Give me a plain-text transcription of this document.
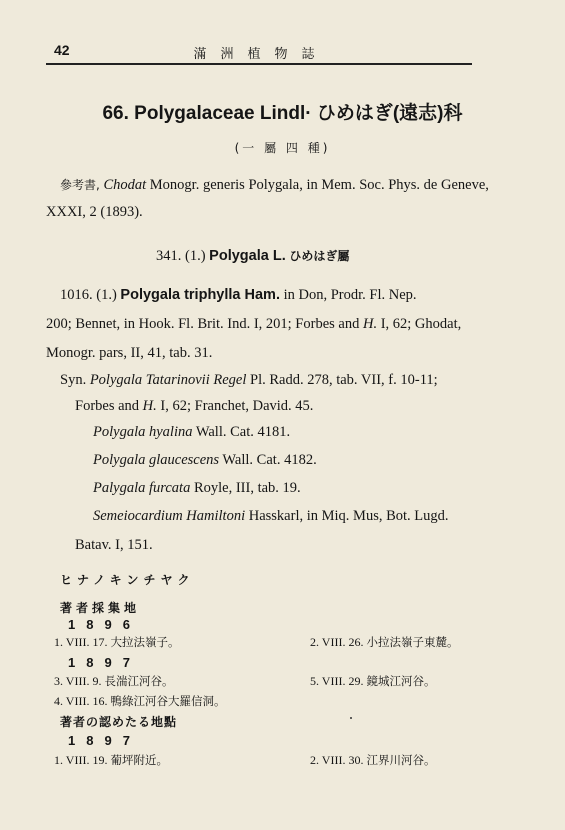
42	滿洲植物誌
66. Polygalaceae Lindl· ひめはぎ(遠志)科
(一 屬 四 種)
參考書, Chodat Monogr. generis Polygala, in Mem. Soc. Phys. de Geneve,
XXXI, 2 (1893).
341. (1.) Polygala L. ひめはぎ屬
1016. (1.) Polygala triphylla Ham. in Don, Prodr. Fl. Nep.
200; Bennet, in Hook. Fl. Brit. Ind. I, 201; Forbes and H. I, 62; Ghodat,
Monogr. pars, II, 41, tab. 31.
Syn. Polygala Tatarinovii Regel Pl. Radd. 278, tab. VII, f. 10-11;
Forbes and H. I, 62; Franchet, David. 45.
Polygala hyalina Wall. Cat. 4181.
Polygala glaucescens Wall. Cat. 4182.
Palygala furcata Royle, III, tab. 19.
Semeiocardium Hamiltoni Hasskarl, in Miq. Mus, Bot. Lugd.
Batav. I, 151.
ヒナノキンチヤク
著者採集地
1896
1. VIII. 17. 大拉法嶺子。	2. VIII. 26. 小拉法嶺子東麓。
1897
3. VIII. 9. 長湍江河谷。	5. VIII. 29. 鏡城江河谷。
4. VIII. 16. 鴨綠江河谷大羅信洞。
著者の認めたる地點
1897
1. VIII. 19. 葡坪附近。	2. VIII. 30. 江界川河谷。
